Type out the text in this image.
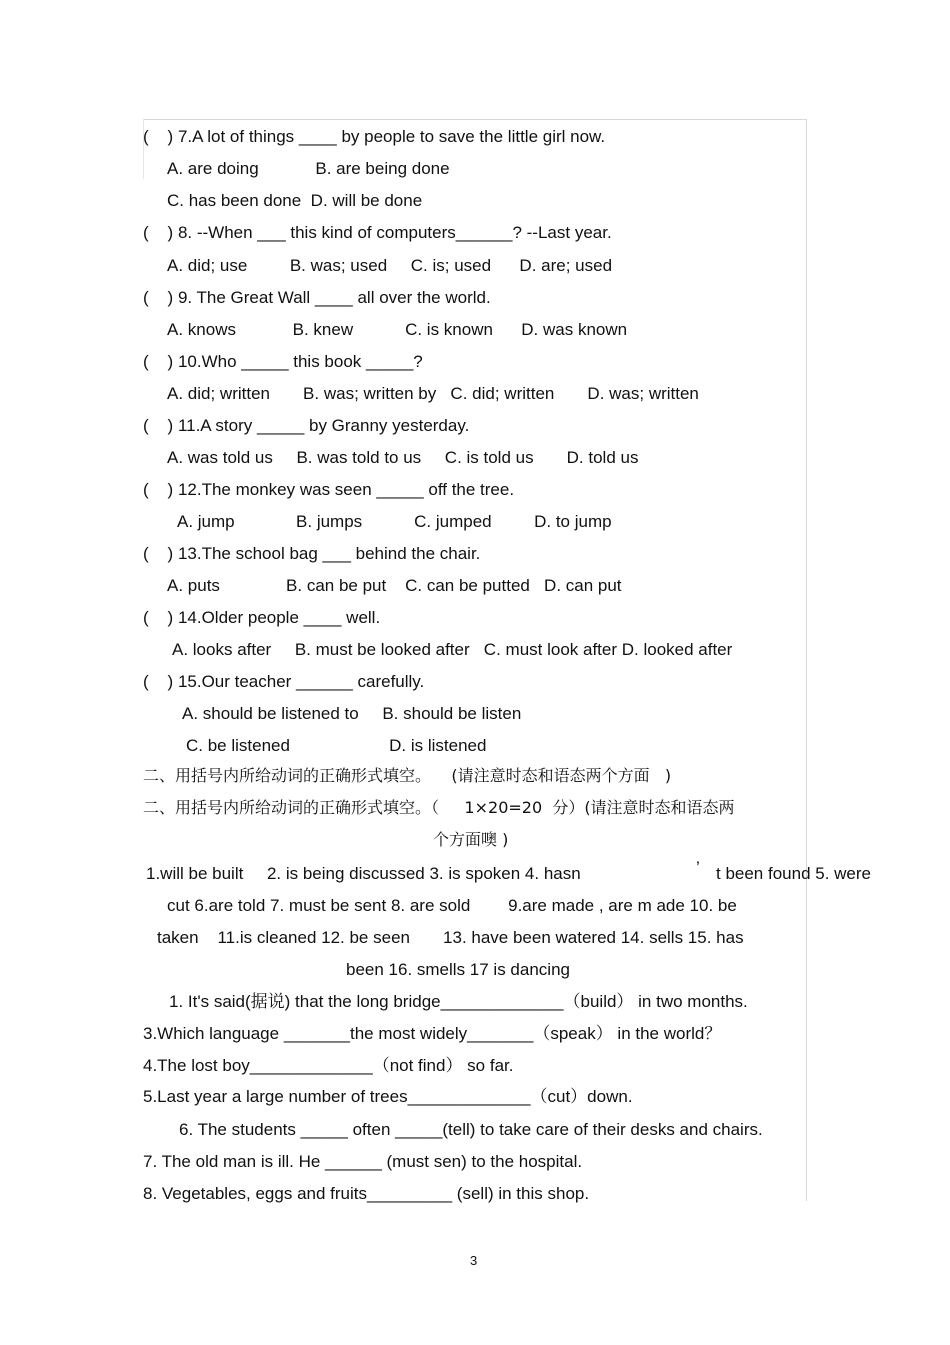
(    ) 7.A lot of things ____ by people to save the little girl now.
A. are doing            B. are being done
C. has been done  D. will be done
(    ) 8. --When ___ this kind of computers______? --Last year.
A. did; use         B. was; used     C. is; used      D. are; used
(    ) 9. The Great Wall ____ all over the world.
A. knows            B. knew           C. is known      D. was known
(    ) 10.Who _____ this book _____?
A. did; written       B. was; written by   C. did; written       D. was; written
(    ) 11.A story _____ by Granny yesterday.
A. was told us     B. was told to us     C. is told us       D. told us
(    ) 12.The monkey was seen _____ off the tree.
A. jump             B. jumps           C. jumped         D. to jump
(    ) 13.The school bag ___ behind the chair.
A. puts              B. can be put    C. can be putted   D. can put
(    ) 14.Older people ____ well.
A. looks after     B. must be looked after   C. must look after D. looked after
(    ) 15.Our teacher ______ carefully.
A. should be listened to     B. should be listen
C. be listened                     D. is listened
二、用括号内所给动词的正确形式填空。    (请注意时态和语态两个方面   )
二、用括号内所给动词的正确形式填空。（     1×20=20  分）(请注意时态和语态两
个方面噢 )
1.will be built     2. is being discussed 3. is spoken 4. hasn	’ t been found 5. were
cut 6.are told 7. must be sent 8. are sold        9.are made , are m ade 10. be
taken    11.is cleaned 12. be seen       13. have been watered 14. sells 15. has
been 16. smells 17 is dancing
1. It's said(据说) that the long bridge_____________（build） in two months.
3.Which language _______the most widely_______（speak） in the world？
4.The lost boy_____________（not find） so far.
5.Last year a large number of trees_____________（cut）down.
6. The students _____ often _____(tell) to take care of their desks and chairs.
7. The old man is ill. He ______ (must sen) to the hospital.
8. Vegetables, eggs and fruits_________ (sell) in this shop.
3
